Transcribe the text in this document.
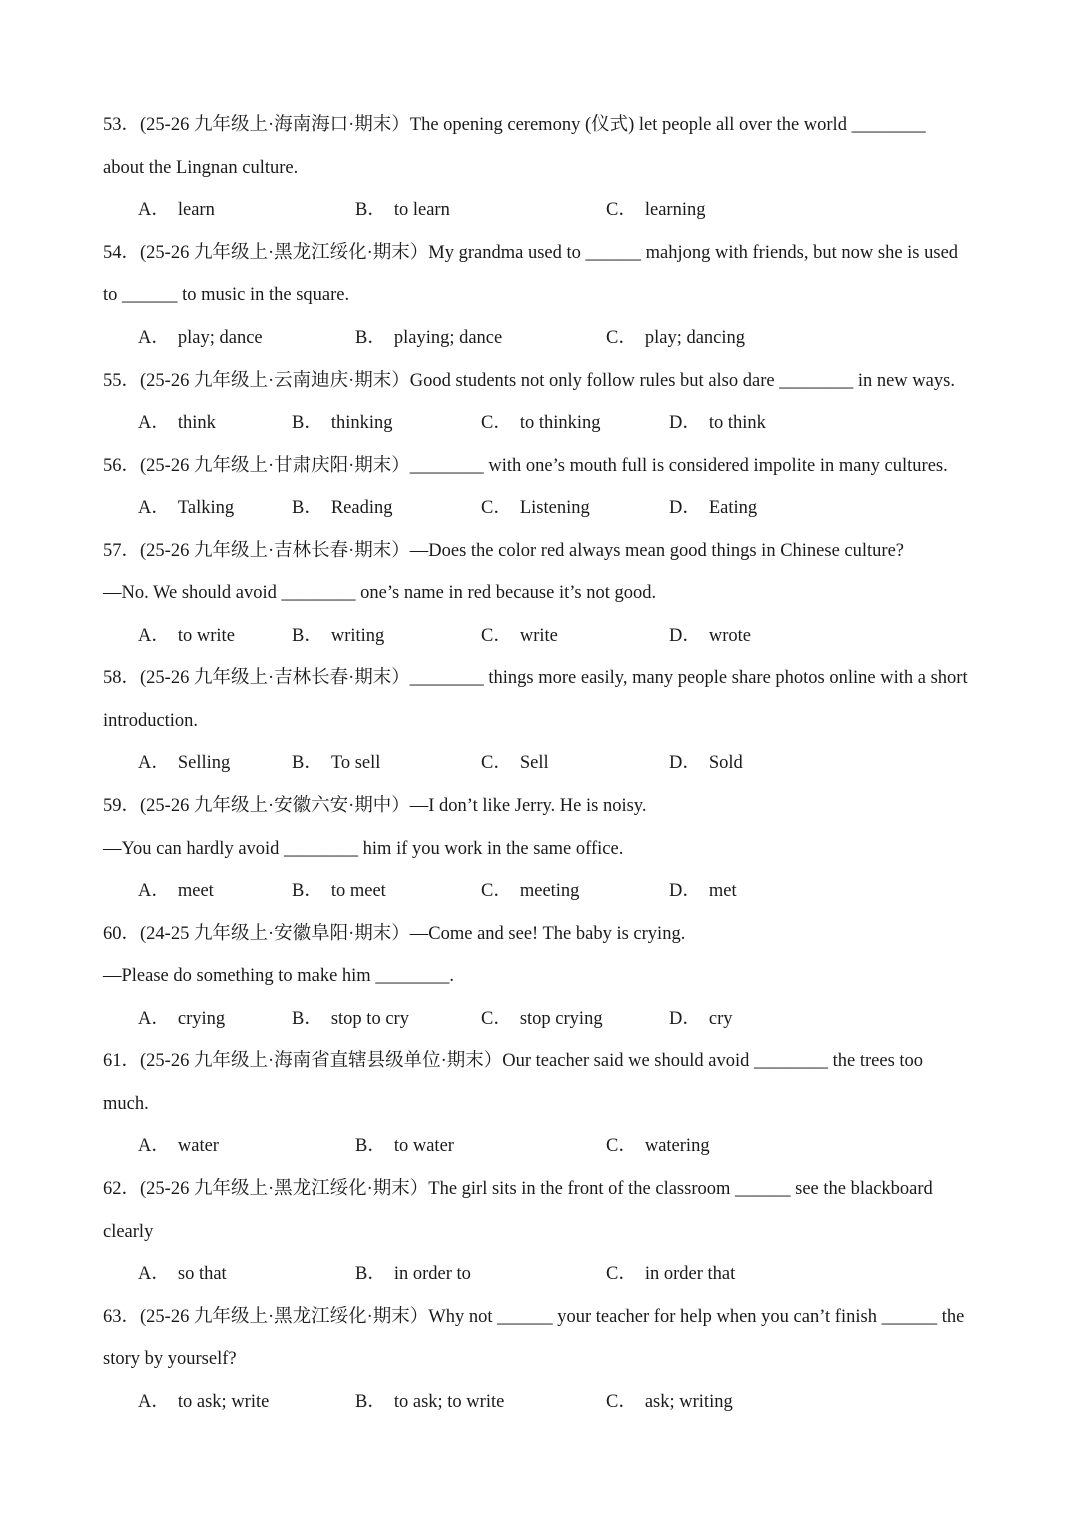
53．(25-26 九年级上·海南海口·期末）The opening ceremony (仪式) let people all over the world ________
about the Lingnan culture.
A． learn	B． to learn	C． learning
54．(25-26 九年级上·黑龙江绥化·期末）My grandma used to ______ mahjong with friends, but now she is used
to ______ to music in the square.
A． play; dance	B． playing; dance	C． play; dancing
55．(25-26 九年级上·云南迪庆·期末）Good students not only follow rules but also dare ________ in new ways.
A． think	B． thinking	C． to thinking	D． to think
56．(25-26 九年级上·甘肃庆阳·期末）________ with one’s mouth full is considered impolite in many cultures.
A． Talking	B． Reading	C． Listening	D． Eating
57．(25-26 九年级上·吉林长春·期末）—Does the color red always mean good things in Chinese culture?
—No. We should avoid ________ one’s name in red because it’s not good.
A． to write	B． writing	C． write	D． wrote
58．(25-26 九年级上·吉林长春·期末）________ things more easily, many people share photos online with a short
introduction.
A． Selling	B． To sell	C． Sell	D． Sold
59．(25-26 九年级上·安徽六安·期中）—I don’t like Jerry. He is noisy.
—You can hardly avoid ________ him if you work in the same office.
A． meet	B． to meet	C． meeting	D． met
60．(24-25 九年级上·安徽阜阳·期末）—Come and see! The baby is crying.
—Please do something to make him ________.
A． crying	B． stop to cry	C． stop crying	D． cry
61．(25-26 九年级上·海南省直辖县级单位·期末）Our teacher said we should avoid ________ the trees too
much.
A． water	B． to water	C． watering
62．(25-26 九年级上·黑龙江绥化·期末）The girl sits in the front of the classroom ______ see the blackboard
clearly
A． so that	B． in order to	C． in order that
63．(25-26 九年级上·黑龙江绥化·期末）Why not ______ your teacher for help when you can’t finish ______ the
story by yourself?
A． to ask; write	B． to ask; to write	C． ask; writing
